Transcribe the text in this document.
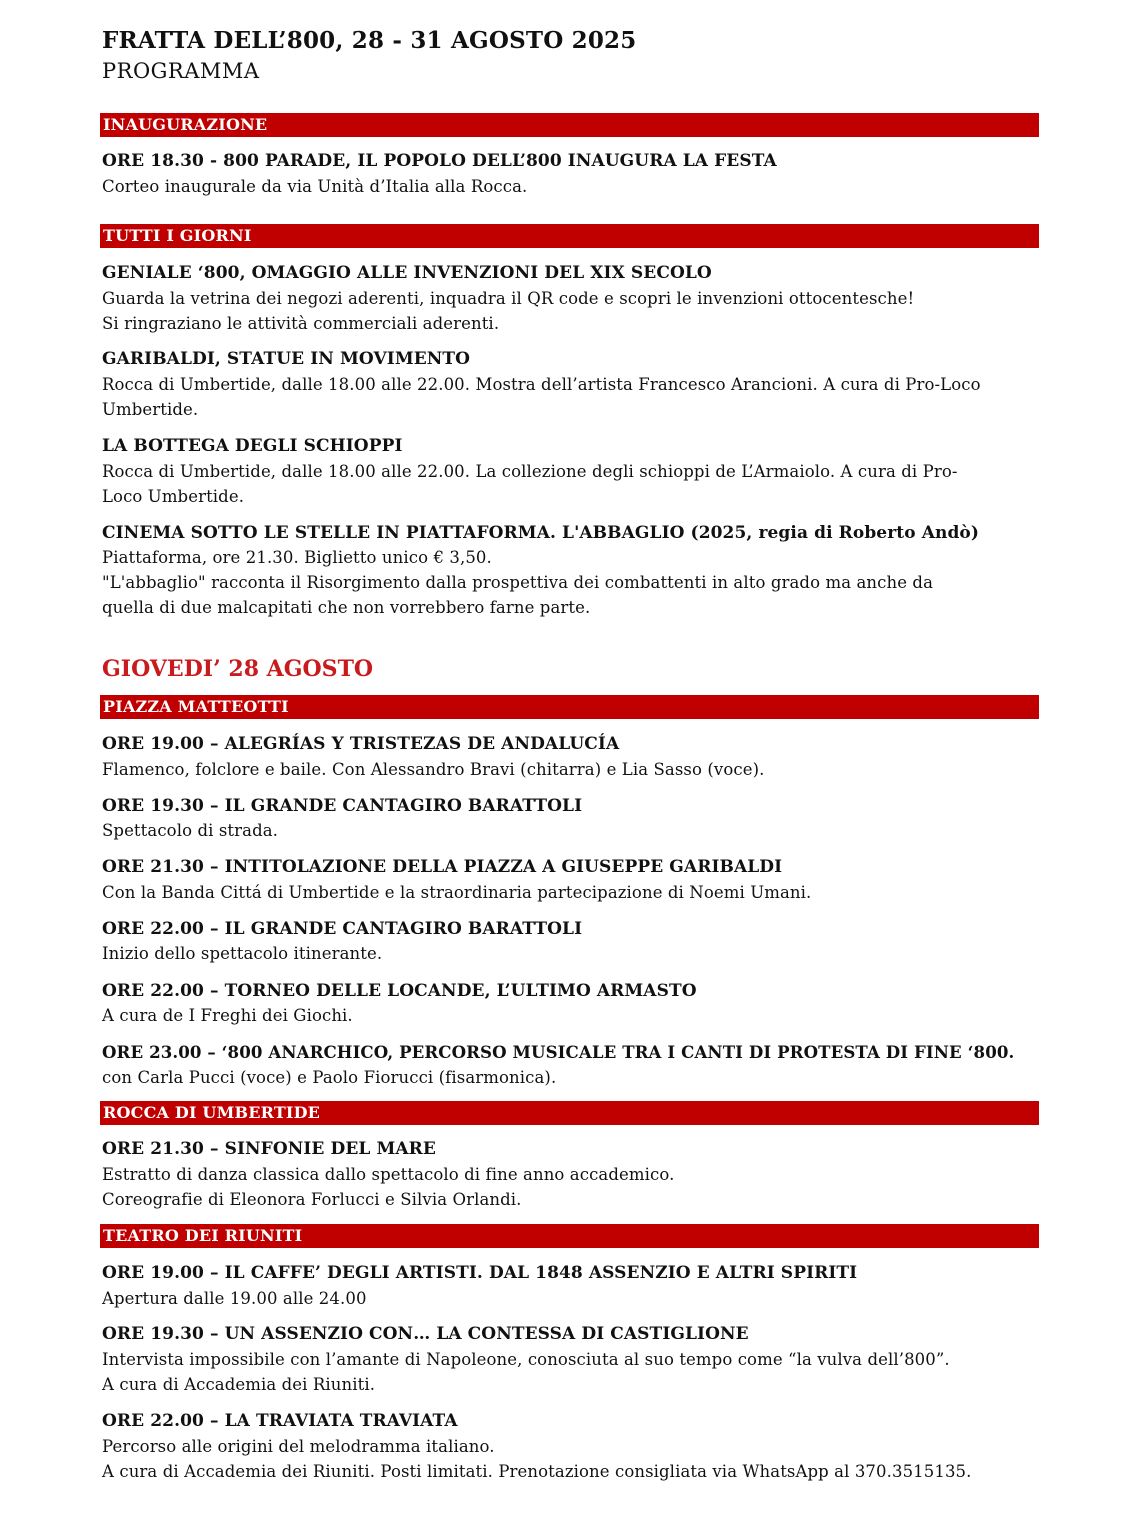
FRATTA DELL’800, 28 - 31 AGOSTO 2025
PROGRAMMA
INAUGURAZIONE
ORE 18.30 - 800 PARADE, IL POPOLO DELL’800 INAUGURA LA FESTA
Corteo inaugurale da via Unità d’Italia alla Rocca.
TUTTI I GIORNI
GENIALE ‘800, OMAGGIO ALLE INVENZIONI DEL XIX SECOLO
Guarda la vetrina dei negozi aderenti, inquadra il QR code e scopri le invenzioni ottocentesche!
Si ringraziano le attività commerciali aderenti.
GARIBALDI, STATUE IN MOVIMENTO
Rocca di Umbertide, dalle 18.00 alle 22.00. Mostra dell’artista Francesco Arancioni. A cura di Pro-Loco
Umbertide.
LA BOTTEGA DEGLI SCHIOPPI
Rocca di Umbertide, dalle 18.00 alle 22.00. La collezione degli schioppi de L’Armaiolo. A cura di Pro-
Loco Umbertide.
CINEMA SOTTO LE STELLE IN PIATTAFORMA. L'ABBAGLIO (2025, regia di Roberto Andò)
Piattaforma, ore 21.30. Biglietto unico € 3,50.
"L'abbaglio" racconta il Risorgimento dalla prospettiva dei combattenti in alto grado ma anche da
quella di due malcapitati che non vorrebbero farne parte.
GIOVEDI’ 28 AGOSTO
PIAZZA MATTEOTTI
ORE 19.00 – ALEGRÍAS Y TRISTEZAS DE ANDALUCÍA
Flamenco, folclore e baile. Con Alessandro Bravi (chitarra) e Lia Sasso (voce).
ORE 19.30 – IL GRANDE CANTAGIRO BARATTOLI
Spettacolo di strada.
ORE 21.30 – INTITOLAZIONE DELLA PIAZZA A GIUSEPPE GARIBALDI
Con la Banda Cittá di Umbertide e la straordinaria partecipazione di Noemi Umani.
ORE 22.00 – IL GRANDE CANTAGIRO BARATTOLI
Inizio dello spettacolo itinerante.
ORE 22.00 – TORNEO DELLE LOCANDE, L’ULTIMO ARMASTO
A cura de I Freghi dei Giochi.
ORE 23.00 – ‘800 ANARCHICO, PERCORSO MUSICALE TRA I CANTI DI PROTESTA DI FINE ‘800.
con Carla Pucci (voce) e Paolo Fiorucci (fisarmonica).
ROCCA DI UMBERTIDE
ORE 21.30 – SINFONIE DEL MARE
Estratto di danza classica dallo spettacolo di fine anno accademico.
Coreografie di Eleonora Forlucci e Silvia Orlandi.
TEATRO DEI RIUNITI
ORE 19.00 – IL CAFFE’ DEGLI ARTISTI. DAL 1848 ASSENZIO E ALTRI SPIRITI
Apertura dalle 19.00 alle 24.00
ORE 19.30 – UN ASSENZIO CON… LA CONTESSA DI CASTIGLIONE
Intervista impossibile con l’amante di Napoleone, conosciuta al suo tempo come “la vulva dell’800”.
A cura di Accademia dei Riuniti.
ORE 22.00 – LA TRAVIATA TRAVIATA
Percorso alle origini del melodramma italiano.
A cura di Accademia dei Riuniti. Posti limitati. Prenotazione consigliata via WhatsApp al 370.3515135.
